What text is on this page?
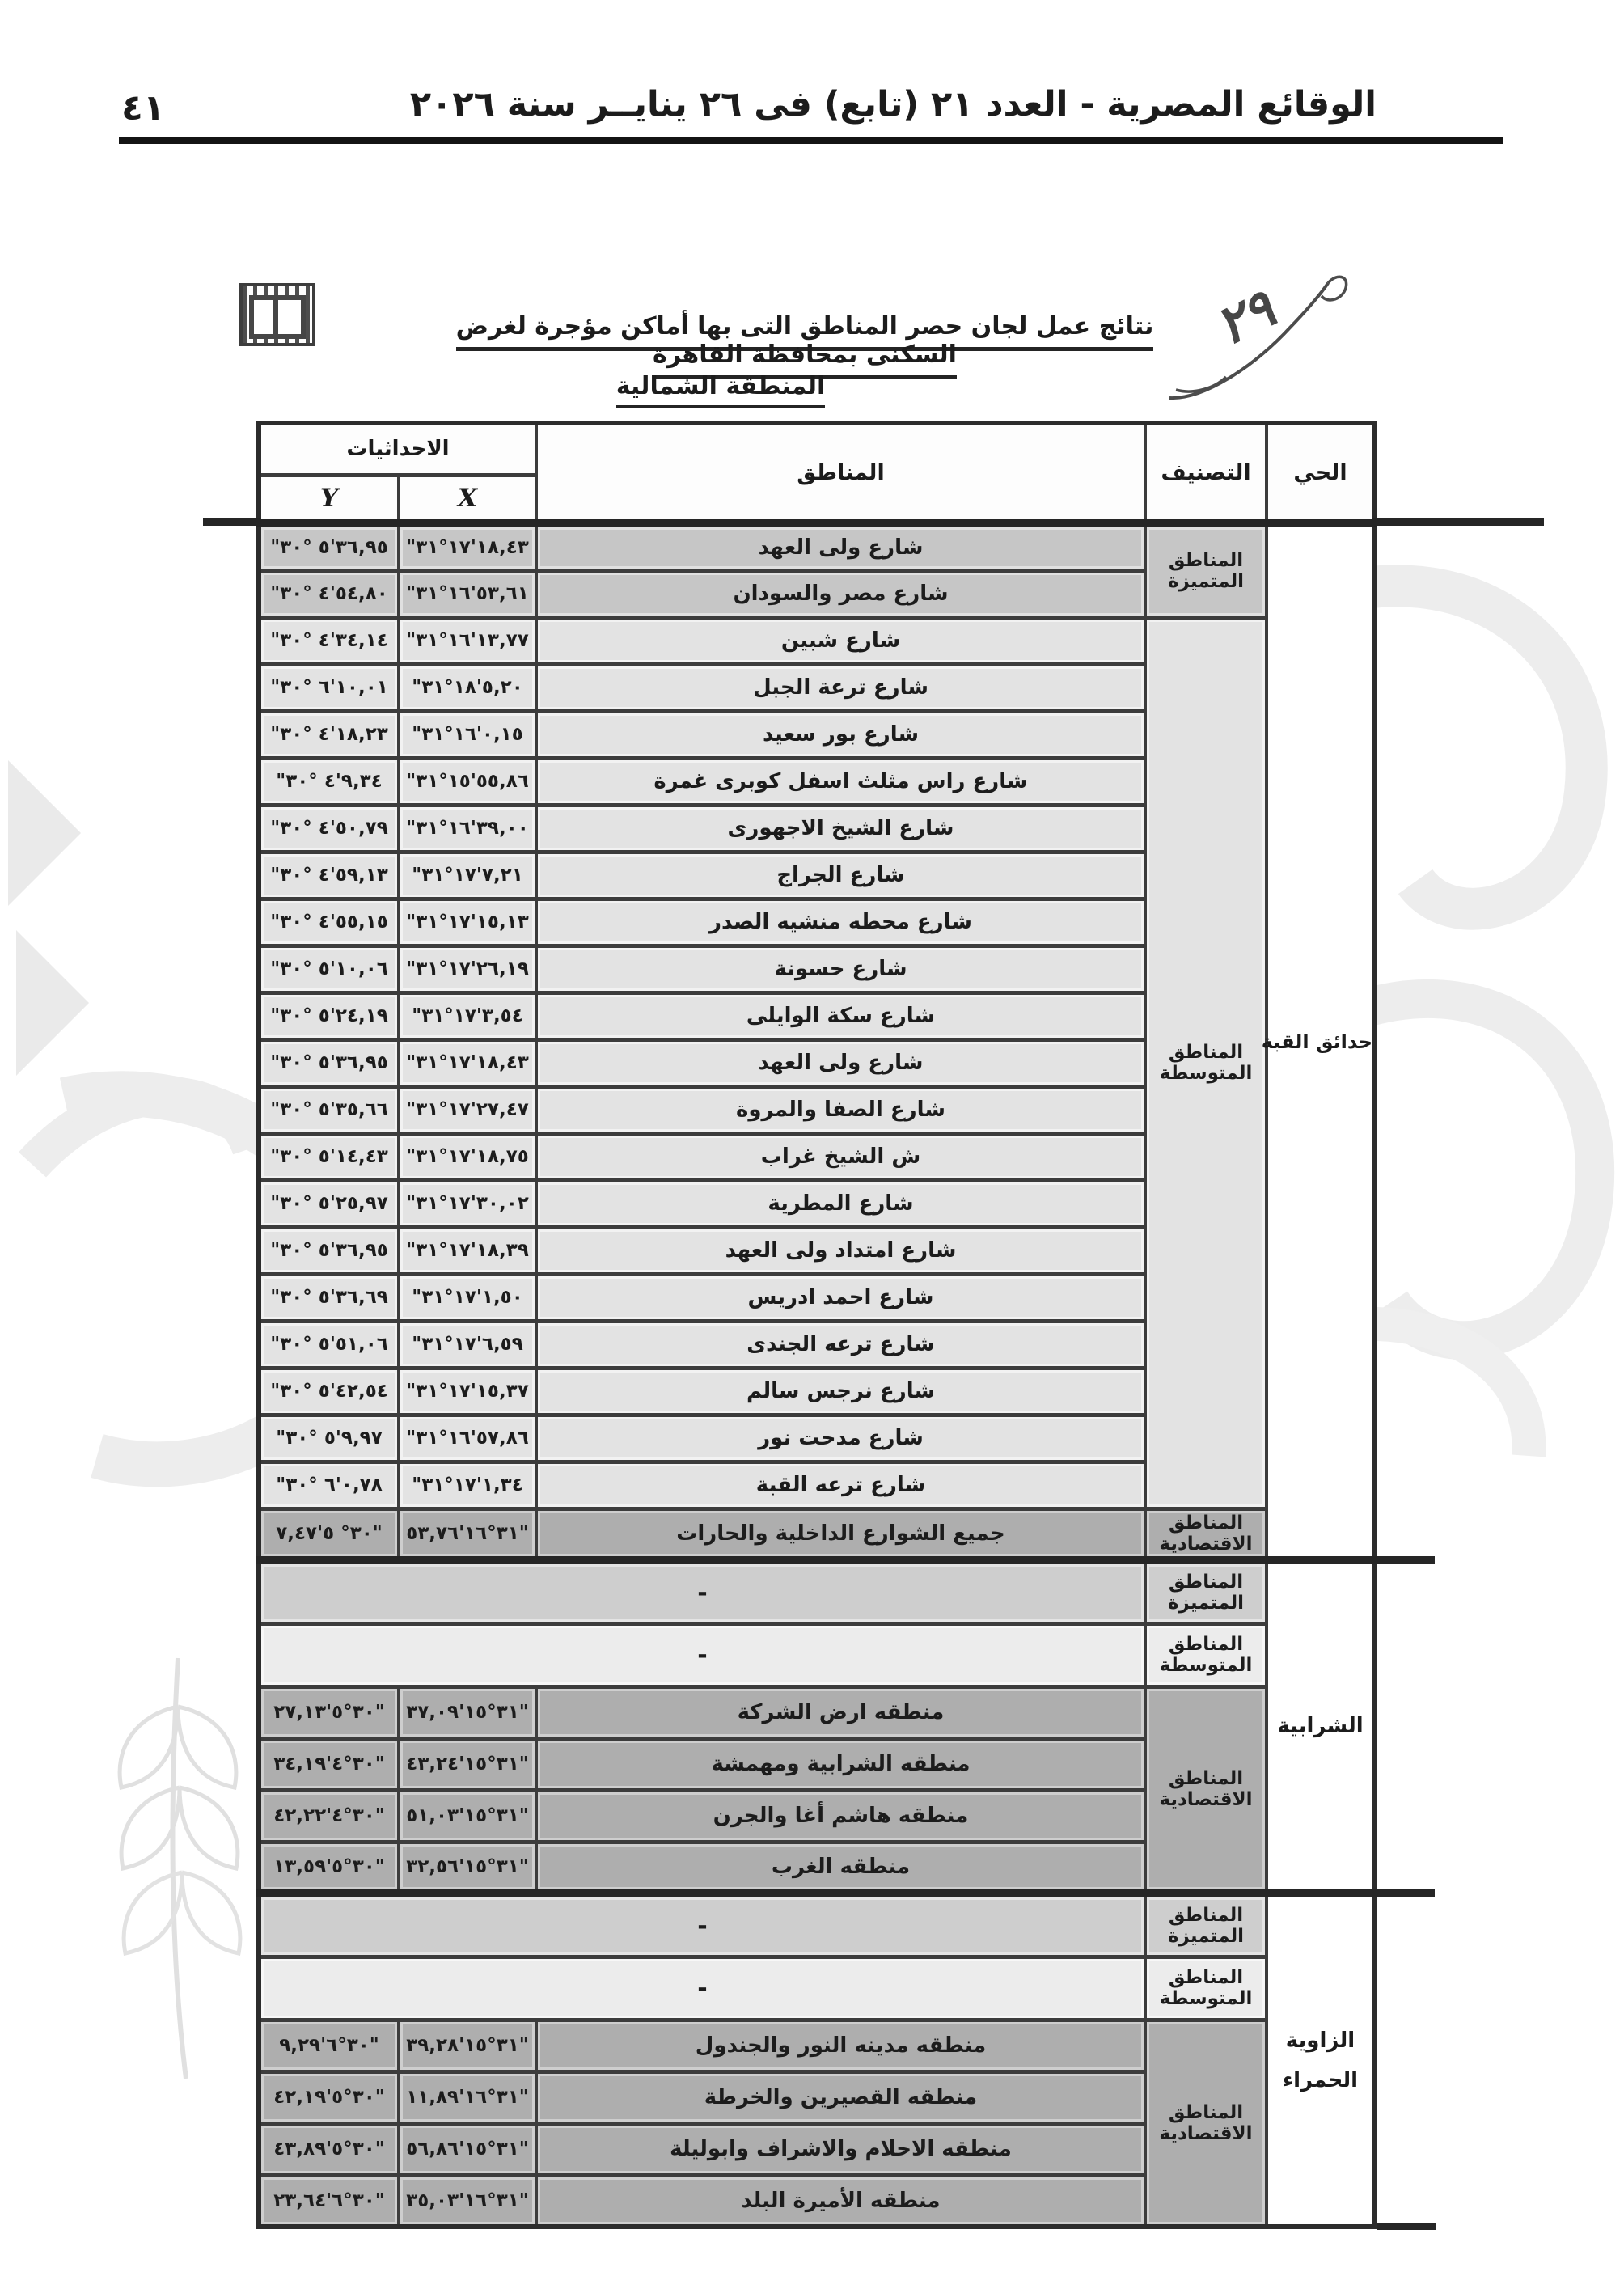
الوقائع المصرية - العدد ٢١ (تابع) فى ٢٦ ينايــر سنة ٢٠٢٦
٤١
٢٩
نتائج عمل لجان حصر المناطق التى بها أماكن مؤجرة لغرض السكنى بمحافظة القاهرة
المنطقة الشمالية
الحي	التصنيف	المناطق	الاحداثيات	
			X	Y
حدائق القبة	المناطق المتميزة	شارع ولى العهد	"١٨,٤٣'١٧°٣١	"٣٦,٩٥'٥ °٣٠
		شارع مصر والسودان	"٥٣,٦١'١٦°٣١	"٥٤,٨٠'٤ °٣٠
	المناطق المتوسطة	شارع شبين	"١٣,٧٧'١٦°٣١	"٣٤,١٤'٤ °٣٠
		شارع ترعة الجبل	"٥,٢٠'١٨°٣١	"١٠,٠١'٦ °٣٠
		شارع بور سعيد	"٠,١٥'١٦°٣١	"١٨,٢٣'٤ °٣٠
		شارع راس مثلث اسفل كوبرى غمرة	"٥٥,٨٦'١٥°٣١	"٩,٣٤'٤ °٣٠
		شارع الشيخ الاجهورى	"٣٩,٠٠'١٦°٣١	"٥٠,٧٩'٤ °٣٠
		شارع الجراج	"٧,٢١'١٧°٣١	"٥٩,١٣'٤ °٣٠
		شارع محطه منشيه الصدر	"١٥,١٣'١٧°٣١	"٥٥,١٥'٤ °٣٠
		شارع حسونة	"٢٦,١٩'١٧°٣١	"١٠,٠٦'٥ °٣٠
		شارع سكة الوايلى	"٣,٥٤'١٧°٣١	"٢٤,١٩'٥ °٣٠
		شارع ولى العهد	"١٨,٤٣'١٧°٣١	"٣٦,٩٥'٥ °٣٠
		شارع الصفا والمروة	"٢٧,٤٧'١٧°٣١	"٣٥,٦٦'٥ °٣٠
		ش الشيخ غراب	"١٨,٧٥'١٧°٣١	"١٤,٤٣'٥ °٣٠
		شارع المطرية	"٣٠,٠٢'١٧°٣١	"٢٥,٩٧'٥ °٣٠
		شارع امتداد ولى العهد	"١٨,٣٩'١٧°٣١	"٣٦,٩٥'٥ °٣٠
		شارع احمد ادريس	"١,٥٠'١٧°٣١	"٣٦,٦٩'٥ °٣٠
		شارع ترعه الجندى	"٦,٥٩'١٧°٣١	"٥١,٠٦'٥ °٣٠
		شارع نرجس سالم	"١٥,٣٧'١٧°٣١	"٤٢,٥٤'٥ °٣٠
		شارع مدحت نور	"٥٧,٨٦'١٦°٣١	"٩,٩٧'٥ °٣٠
		شارع ترعه القبة	"١,٣٤'١٧°٣١	"٠,٧٨'٦ °٣٠
	المناطق الاقتصادية	جميع الشوارع الداخلية والحارات	٣١°١٦'٥٣,٧٦"	٣٠° ٥'٧,٤٧"
الشرابية	المناطق المتميزة	-		
	المناطق المتوسطة	-		
	المناطق الاقتصادية	منطقه ارض الشركة	٣١°١٥'٣٧,٠٩"	٣٠°٥'٢٧,١٣"
		منطقه الشرابية ومهمشة	٣١°١٥'٤٣,٢٤"	٣٠°٤'٣٤,١٩"
		منطقه هاشم أغا والجرن	٣١°١٥'٥١,٠٣"	٣٠°٤'٤٢,٢٢"
		منطقه الغرب	٣١°١٥'٣٢,٥٦"	٣٠°٥'١٣,٥٩"
الزاوية الحمراء	المناطق المتميزة	-		
	المناطق المتوسطة	-		
	المناطق الاقتصادية	منطقه مدينه النور والجندول	٣١°١٥'٣٩,٢٨"	٣٠°٦'٩,٢٩"
		منطقه القصيرين والخرطة	٣١°١٦'١١,٨٩"	٣٠°٥'٤٢,١٩"
		منطقه الاحلام والاشراف وابوليلة	٣١°١٥'٥٦,٨٦"	٣٠°٥'٤٣,٨٩"
		منطقه الأميرة البلد	٣١°١٦'٣٥,٠٣"	٣٠°٦'٢٣,٦٤"
